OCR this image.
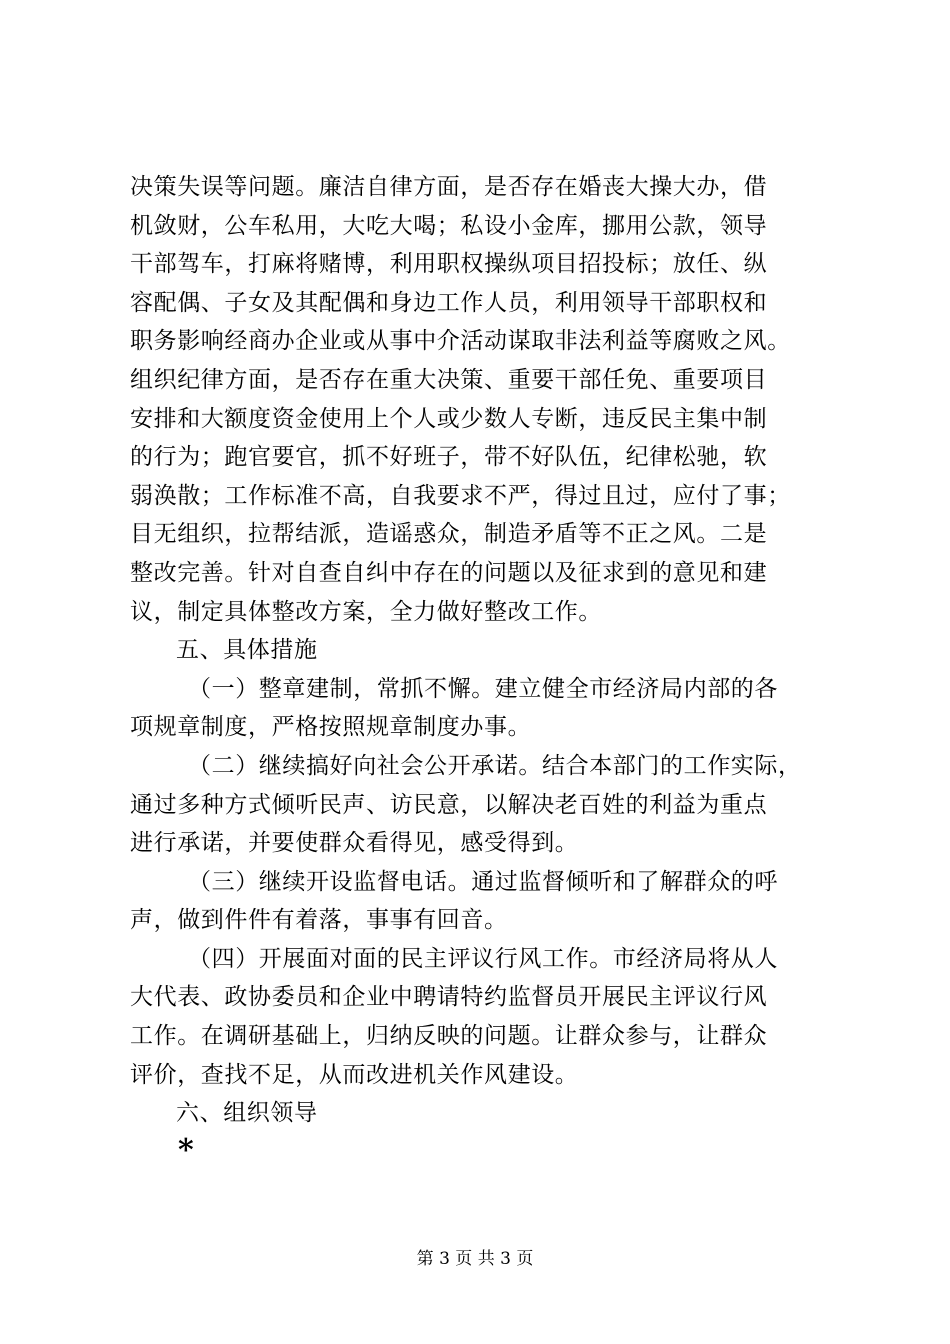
决策失误等问题。廉洁自律方面，是否存在婚丧大操大办，借
机敛财，公车私用，大吃大喝；私设小金库，挪用公款，领导
干部驾车，打麻将赌博，利用职权操纵项目招投标；放任、纵
容配偶、子女及其配偶和身边工作人员，利用领导干部职权和
职务影响经商办企业或从事中介活动谋取非法利益等腐败之风。
组织纪律方面，是否存在重大决策、重要干部任免、重要项目
安排和大额度资金使用上个人或少数人专断，违反民主集中制
的行为；跑官要官，抓不好班子，带不好队伍，纪律松驰，软
弱涣散；工作标准不高，自我要求不严，得过且过，应付了事；
目无组织，拉帮结派，造谣惑众，制造矛盾等不正之风。二是
整改完善。针对自查自纠中存在的问题以及征求到的意见和建
议，制定具体整改方案，全力做好整改工作。
五、具体措施
（一）整章建制，常抓不懈。建立健全市经济局内部的各
项规章制度，严格按照规章制度办事。
（二）继续搞好向社会公开承诺。结合本部门的工作实际，
通过多种方式倾听民声、访民意，以解决老百姓的利益为重点
进行承诺，并要使群众看得见，感受得到。
（三）继续开设监督电话。通过监督倾听和了解群众的呼
声，做到件件有着落，事事有回音。
（四）开展面对面的民主评议行风工作。市经济局将从人
大代表、政协委员和企业中聘请特约监督员开展民主评议行风
工作。在调研基础上，归纳反映的问题。让群众参与，让群众
评价，查找不足，从而改进机关作风建设。
六、组织领导
*
第 3 页 共 3 页
